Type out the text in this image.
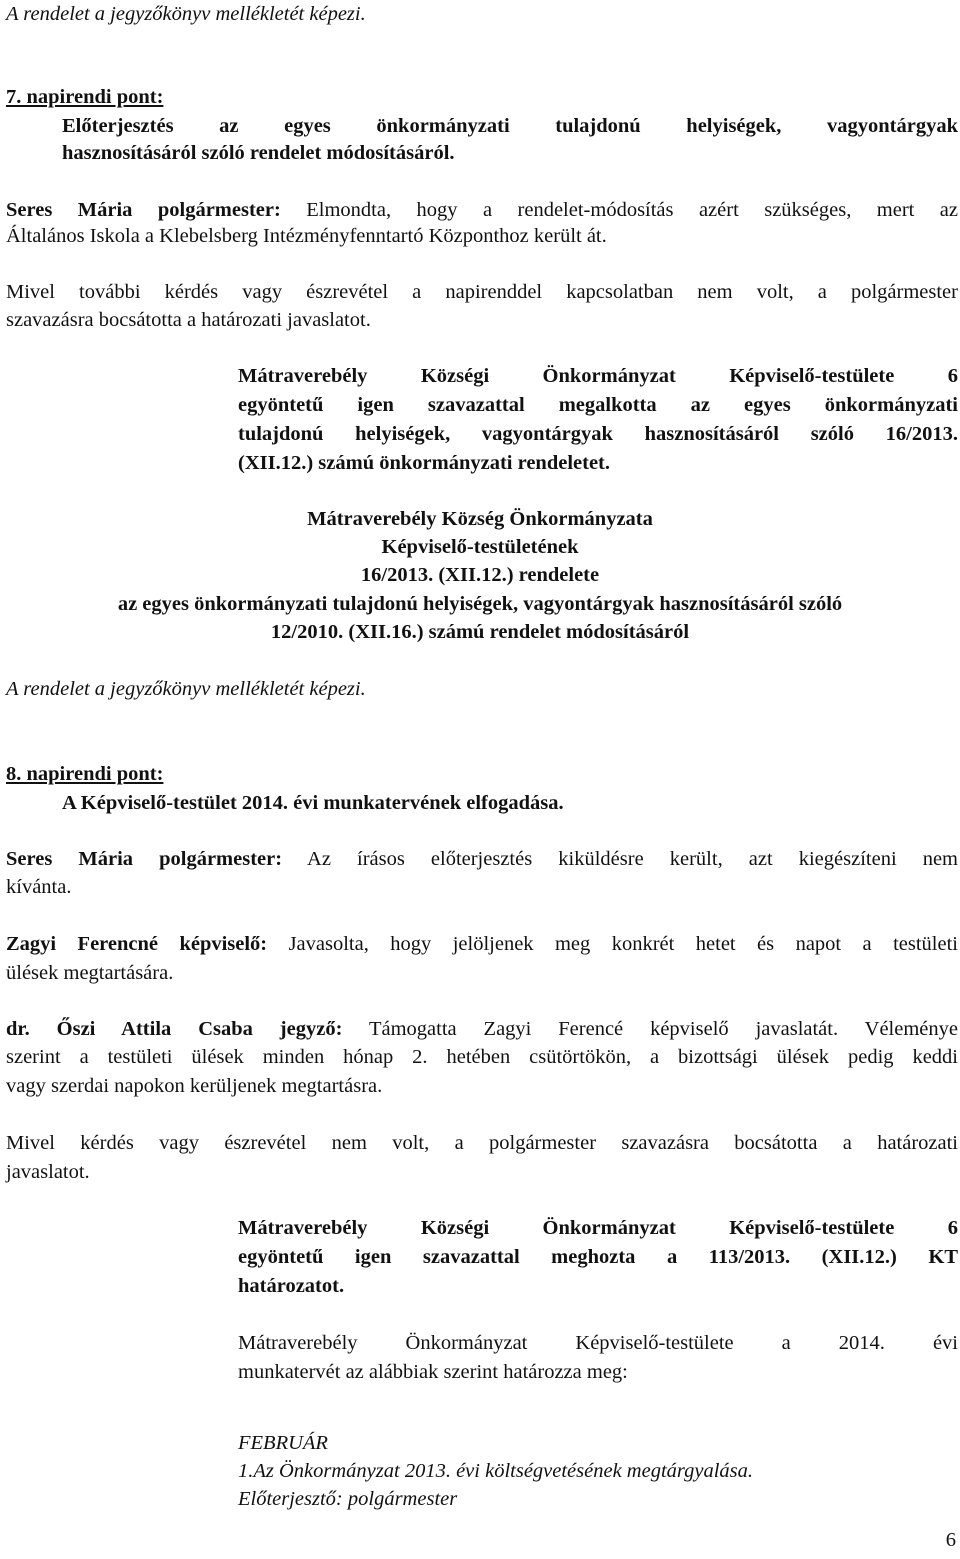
A rendelet a jegyzőkönyv mellékletét képezi.
7. napirendi pont:
Előterjesztés az egyes önkormányzati tulajdonú helyiségek, vagyontárgyak
hasznosításáról szóló rendelet módosításáról.
Seres Mária polgármester: Elmondta, hogy a rendelet-módosítás azért szükséges, mert az
Általános Iskola a Klebelsberg Intézményfenntartó Központhoz került át.
Mivel további kérdés vagy észrevétel a napirenddel kapcsolatban nem volt, a polgármester
szavazásra bocsátotta a határozati javaslatot.
Mátraverebély Községi Önkormányzat Képviselő-testülete 6
egyöntetű igen szavazattal megalkotta az egyes önkormányzati
tulajdonú helyiségek, vagyontárgyak hasznosításáról szóló 16/2013.
(XII.12.) számú önkormányzati rendeletet.
Mátraverebély Község Önkormányzata
Képviselő-testületének
16/2013. (XII.12.) rendelete
az egyes önkormányzati tulajdonú helyiségek, vagyontárgyak hasznosításáról szóló
12/2010. (XII.16.) számú rendelet módosításáról
A rendelet a jegyzőkönyv mellékletét képezi.
8. napirendi pont:
A Képviselő-testület 2014. évi munkatervének elfogadása.
Seres Mária polgármester: Az írásos előterjesztés kiküldésre került, azt kiegészíteni nem
kívánta.
Zagyi Ferencné képviselő: Javasolta, hogy jelöljenek meg konkrét hetet és napot a testületi
ülések megtartására.
dr. Őszi Attila Csaba jegyző: Támogatta Zagyi Ferencé képviselő javaslatát. Véleménye
szerint a testületi ülések minden hónap 2. hetében csütörtökön, a bizottsági ülések pedig keddi
vagy szerdai napokon kerüljenek megtartásra.
Mivel kérdés vagy észrevétel nem volt, a polgármester szavazásra bocsátotta a határozati
javaslatot.
Mátraverebély Községi Önkormányzat Képviselő-testülete 6
egyöntetű igen szavazattal meghozta a 113/2013. (XII.12.) KT
határozatot.
Mátraverebély Önkormányzat Képviselő-testülete a 2014. évi
munkatervét az alábbiak szerint határozza meg:
FEBRUÁR
1.Az Önkormányzat 2013. évi költségvetésének megtárgyalása.
Előterjesztő: polgármester
6
